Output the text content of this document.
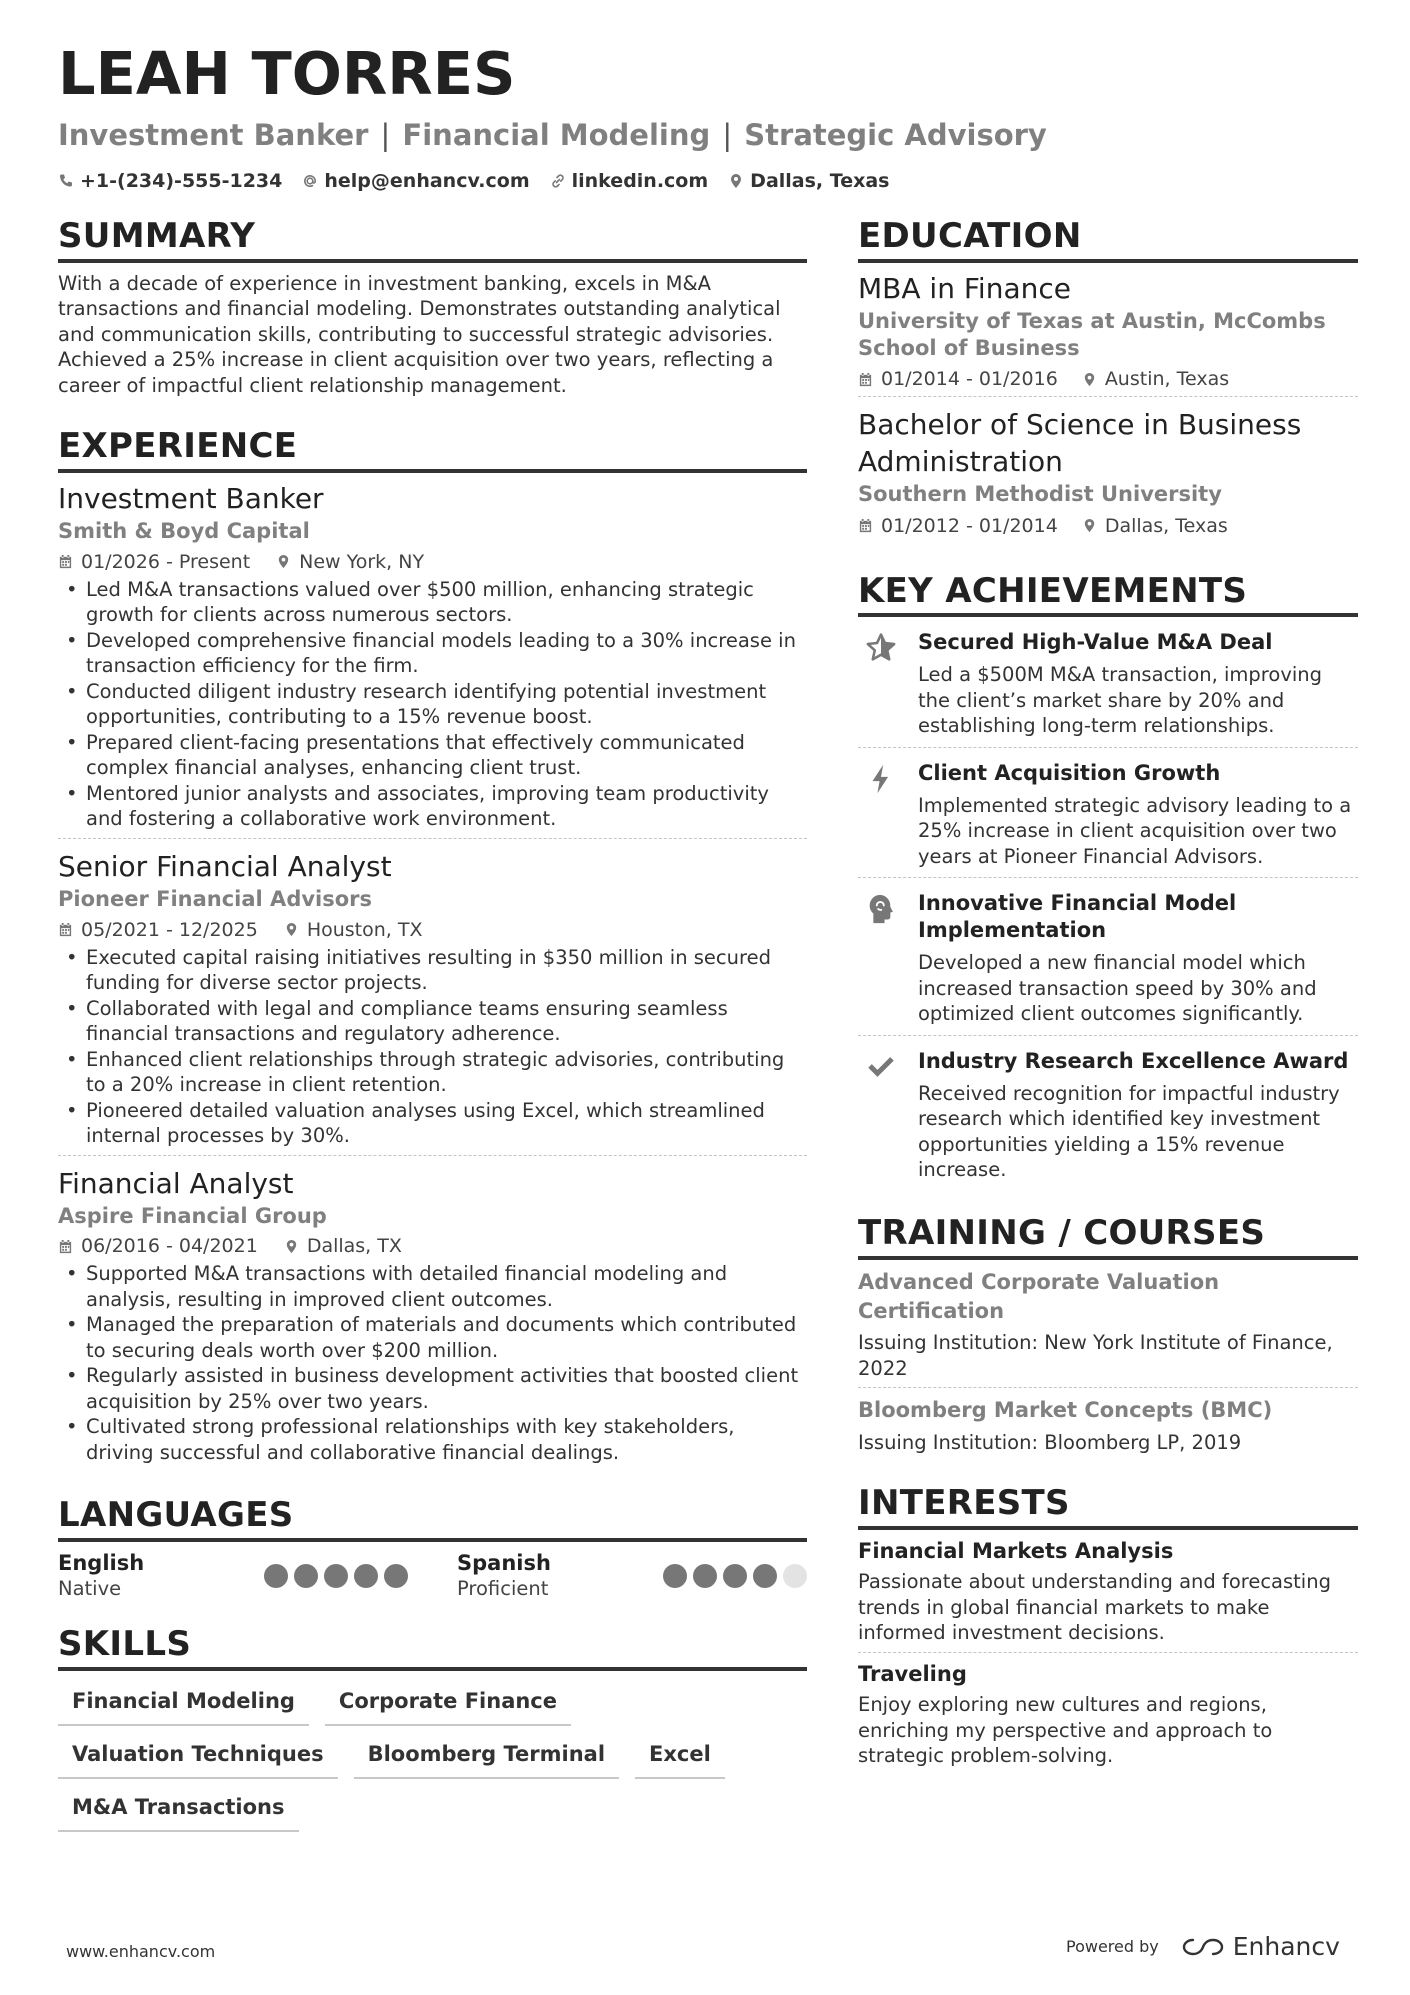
LEAH TORRES
Investment Banker | Financial Modeling | Strategic Advisory
+1-(234)-555-1234 help@enhancv.com linkedin.com Dallas, Texas
SUMMARY

With a decade of experience in investment banking, excels in M&A transactions and financial modeling. Demonstrates outstanding analytical and communication skills, contributing to successful strategic advisories. Achieved a 25% increase in client acquisition over two years, reflecting a career of impactful client relationship management.

EXPERIENCE
Investment Banker
Smith & Boyd Capital
01/2026 - Present	New York, NY
• Led M&A transactions valued over $500 million, enhancing strategic growth for clients across numerous sectors.
• Developed comprehensive financial models leading to a 30% increase in transaction efficiency for the firm.
• Conducted diligent industry research identifying potential investment opportunities, contributing to a 15% revenue boost.
• Prepared client-facing presentations that effectively communicated complex financial analyses, enhancing client trust.
• Mentored junior analysts and associates, improving team productivity and fostering a collaborative work environment.
Senior Financial Analyst
Pioneer Financial Advisors
05/2021 - 12/2025	Houston, TX
• Executed capital raising initiatives resulting in $350 million in secured funding for diverse sector projects.
• Collaborated with legal and compliance teams ensuring seamless financial transactions and regulatory adherence.
• Enhanced client relationships through strategic advisories, contributing to a 20% increase in client retention.
• Pioneered detailed valuation analyses using Excel, which streamlined internal processes by 30%.
Financial Analyst
Aspire Financial Group
06/2016 - 04/2021	Dallas, TX
• Supported M&A transactions with detailed financial modeling and analysis, resulting in improved client outcomes.
• Managed the preparation of materials and documents which contributed to securing deals worth over $200 million.
• Regularly assisted in business development activities that boosted client acquisition by 25% over two years.
• Cultivated strong professional relationships with key stakeholders, driving successful and collaborative financial dealings.
LANGUAGES
English
Native
Spanish
Proficient
SKILLS
Financial Modeling	Corporate Finance
Valuation Techniques	Bloomberg Terminal	Excel
M&A Transactions
EDUCATION
MBA in Finance
University of Texas at Austin, McCombs School of Business
01/2014 - 01/2016 Austin, Texas
Bachelor of Science in Business Administration
Southern Methodist University
01/2012 - 01/2014 Dallas, Texas
KEY ACHIEVEMENTS
Secured High-Value M&A Deal
Led a $500M M&A transaction, improving the client’s market share by 20% and establishing long-term relationships.
Client Acquisition Growth
Implemented strategic advisory leading to a 25% increase in client acquisition over two years at Pioneer Financial Advisors.
Innovative Financial Model Implementation
Developed a new financial model which increased transaction speed by 30% and optimized client outcomes significantly.
Industry Research Excellence Award
Received recognition for impactful industry research which identified key investment opportunities yielding a 15% revenue increase.
TRAINING / COURSES
Advanced Corporate Valuation Certification
Issuing Institution: New York Institute of Finance, 2022
Bloomberg Market Concepts (BMC)
Issuing Institution: Bloomberg LP, 2019
INTERESTS
Financial Markets Analysis
Passionate about understanding and forecasting trends in global financial markets to make informed investment decisions.
Traveling
Enjoy exploring new cultures and regions, enriching my perspective and approach to strategic problem-solving.
www.enhancv.com	Powered by	Enhancv
